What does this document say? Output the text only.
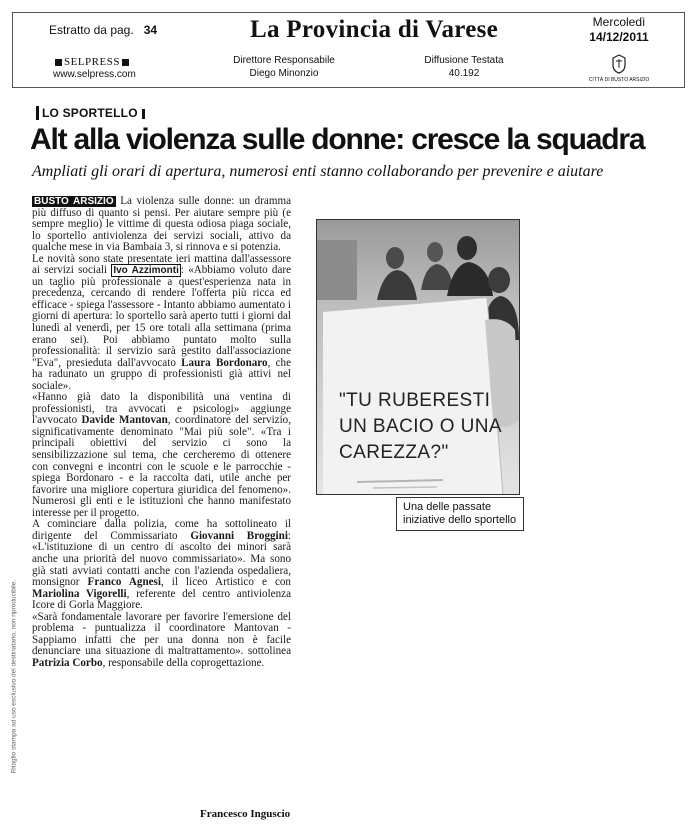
Estratto da pag. 34	La Provincia di Varese	Mercoledì
14/12/2011
SELPRESS
www.selpress.com
Direttore Responsabile
Diego Minonzio
Diffusione Testata
40.192
CITTÀ DI BUSTO ARSIZIO
Ritaglio stampa ad uso esclusivo del destinatario, non riproducibile.
LO SPORTELLO
Alt alla violenza sulle donne: cresce la squadra
Ampliati gli orari di apertura, numerosi enti stanno collaborando per prevenire e aiutare

BUSTO ARSIZIO La violenza sulle donne: un dramma più diffuso di quanto si pensi. Per aiutare sempre più (e sempre meglio) le vittime di questa odiosa piaga sociale, lo sportello antiviolenza dei servizi sociali, attivo da qualche mese in via Bambaia 3, si rinnova e si potenzia.

Le novità sono state presentate ieri mattina dall'assessore ai servizi sociali Ivo Azzimonti : «Abbiamo voluto dare un taglio più professionale a quest'esperienza nata in precedenza, cercando di rendere l'offerta più ricca ed efficace - spiega l'assessore - Intanto abbiamo aumentato i giorni di apertura: lo sportello sarà aperto tutti i giorni dal lunedì al venerdì, per 15 ore totali alla settimana (prima erano sei). Poi abbiamo puntato molto sulla professionalità: il servizio sarà gestito dall'associazione "Eva", presieduta dall'avvocato Laura Bordonaro, che ha radunato un gruppo di professionisti già attivi nel sociale».

«Hanno già dato la disponibilità una ventina di professionisti, tra avvocati e psicologi» aggiunge l'avvocato Davide Mantovan, coordinatore del servizio, significativamente denominato "Mai più sole". «Tra i principali obiettivi del servizio ci sono la sensibilizzazione sul tema, che cercheremo di ottenere con convegni e incontri con le scuole e le parrocchie - spiega Bordonaro - e la raccolta dati, utile anche per favorire una migliore copertura giuridica del fenomeno». Numerosi gli enti e le istituzioni che hanno manifestato interesse per il progetto.

A cominciare dalla polizia, come ha sottolineato il dirigente del Commissariato Giovanni Broggini: «L'istituzione di un centro di ascolto dei minori sarà anche una priorità del nuovo commissariato». Ma sono già stati avviati contatti anche con l'azienda ospedaliera, monsignor Franco Agnesi, il liceo Artistico e con Mariolina Vigorelli, referente del centro antiviolenza Icore di Gorla Maggiore.

«Sarà fondamentale lavorare per favorire l'emersione del problema - puntualizza il coordinatore Mantovan - Sappiamo infatti che per una donna non è facile denunciare una situazione di maltrattamento». sottolinea Patrizia Corbo, responsabile della coprogettazione.

Francesco Inguscio
"TU RUBERESTI UN BACIO O UNA CAREZZA?"
Una delle passate iniziative dello sportello
